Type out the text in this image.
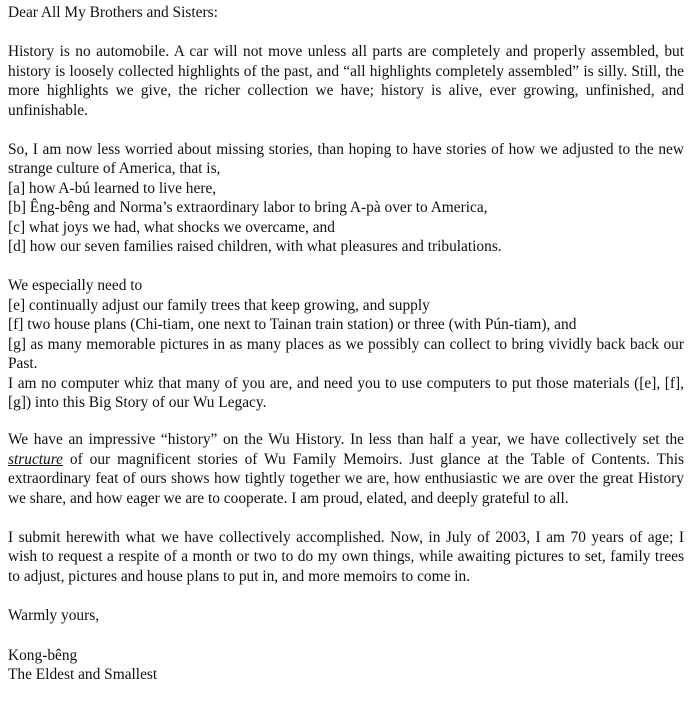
Dear All My Brothers and Sisters:

History is no automobile. A car will not move unless all parts are completely and properly assembled, but history is loosely collected highlights of the past, and “all highlights completely assembled” is silly. Still, the more highlights we give, the richer collection we have; history is alive, ever growing, unfinished, and unfinishable.

So, I am now less worried about missing stories, than hoping to have stories of how we adjusted to the new strange culture of America, that is,

[a] how A-bú learned to live here,

[b] Êng-bêng and Norma’s extraordinary labor to bring A-pà over to America,

[c] what joys we had, what shocks we overcame, and

[d] how our seven families raised children, with what pleasures and tribulations.

We especially need to

[e] continually adjust our family trees that keep growing, and supply

[f] two house plans (Chi-tiam, one next to Tainan train station) or three (with Pún-tiam), and

[g] as many memorable pictures in as many places as we possibly can collect to bring vividly back back our Past.

I am no computer whiz that many of you are, and need you to use computers to put those materials ([e], [f], [g]) into this Big Story of our Wu Legacy.

We have an impressive “history” on the Wu History. In less than half a year, we have collectively set the structure of our magnificent stories of Wu Family Memoirs. Just glance at the Table of Contents. This extraordinary feat of ours shows how tightly together we are, how enthusiastic we are over the great History we share, and how eager we are to cooperate. I am proud, elated, and deeply grateful to all.

I submit herewith what we have collectively accomplished. Now, in July of 2003, I am 70 years of age; I wish to request a respite of a month or two to do my own things, while awaiting pictures to set, family trees to adjust, pictures and house plans to put in, and more memoirs to come in.

Warmly yours,

Kong-bêng

The Eldest and Smallest
